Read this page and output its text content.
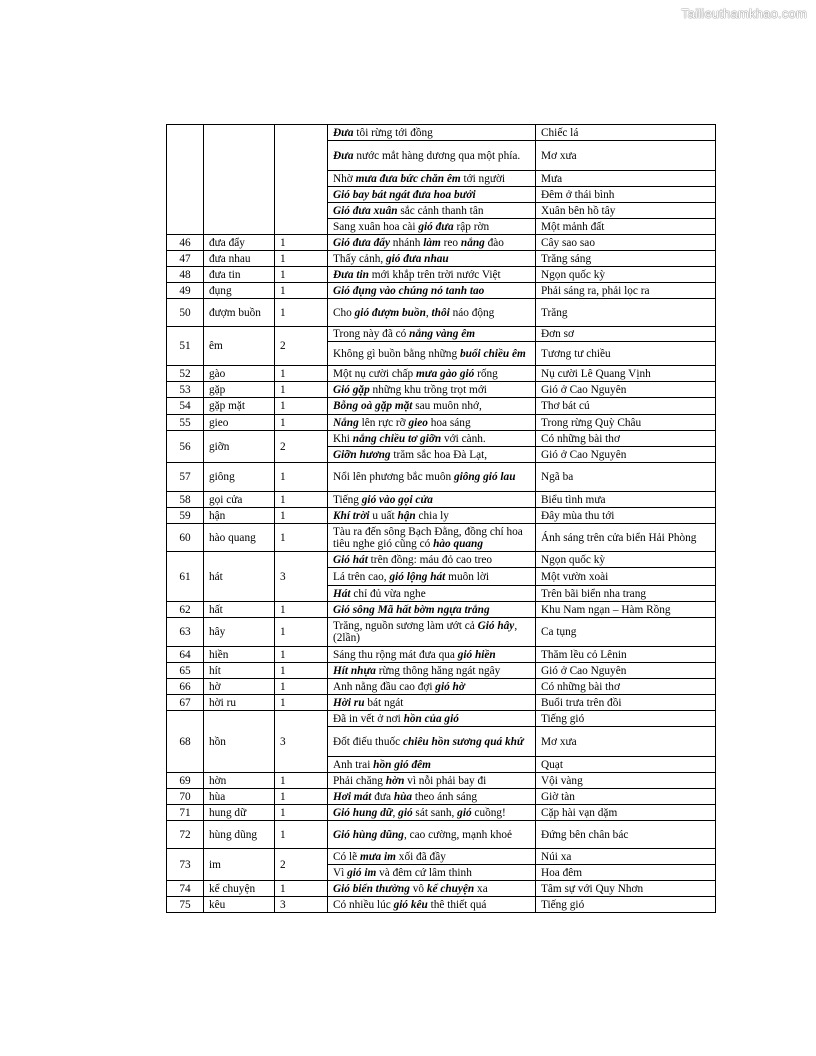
Tailieuthamkhao.com
			Đưa tôi rừng tới đồng	Chiếc lá
			Đưa nước mắt hàng dương qua một phía.	Mơ xưa
			Nhờ mưa đưa bức chăn êm tới người	Mưa
			Gió bay bát ngát đưa hoa bưởi	Đêm ở thái bình
			Gió đưa xuân sắc cảnh thanh tân	Xuân bên hồ tây
			Sang xuân hoa cài gió đưa rập rờn	Một mảnh đất
46	đưa đẩy	1	Gió đưa đẩy nhánh làm reo nắng đào	Cây sao sao
47	đưa nhau	1	Thấy cảnh, gió đưa nhau	Trăng sáng
48	đưa tin	1	Đưa tin mới khắp trên trời nước Việt	Ngọn quốc kỳ
49	đụng	1	Gió đụng vào chúng nó tanh tao	Phải sáng ra, phải lọc ra
50	đượm buồn	1	Cho gió đượm buồn, thôi náo động	Trăng
51	êm	2	Trong này đã có nắng vàng êm	Đơn sơ
			Không gì buồn bằng những buổi chiều êm	Tương tư chiều
52	gào	1	Một nụ cười chấp mưa gào gió rống	Nụ cười Lê Quang Vịnh
53	gặp	1	Gió gặp những khu trồng trọt mới	Gió ở Cao Nguyên
54	gặp mặt	1	Bỗng oà gặp mặt sau muôn nhớ,	Thơ bát cú
55	gieo	1	Nắng lên rực rỡ gieo hoa sáng	Trong rừng Quỳ Châu
56	giỡn	2	Khi nắng chiều tơ giỡn với cành.	Có những bài thơ
			Giỡn hương trăm sắc hoa Đà Lạt,	Gió ở Cao Nguyên
57	giông	1	Nổi lên phương bắc muôn giông gió lau	Ngã ba
58	gọi cửa	1	Tiếng gió vào gọi cửa	Biểu tình mưa
59	hận	1	Khí trời u uất hận chia ly	Đây mùa thu tới
60	hào quang	1	Tàu ra đến sông Bạch Đằng, đồng chí hoa tiêu nghe gió cũng có hào quang	Ánh sáng trên cửa biển Hải Phòng
61	hát	3	Gió hát trên đồng: máu đỏ cao treo	Ngọn quốc kỳ
			Lá trên cao, gió lộng hát muôn lời	Một vườn xoài
			Hát chỉ đủ vừa nghe	Trên bãi biển nha trang
62	hất	1	Gió sông Mã hất bờm ngựa trắng	Khu Nam ngạn – Hàm Rồng
63	hây	1	Trăng, nguồn sương làm ướt cả Gió hây, (2lần)	Ca tụng
64	hiền	1	Sáng thu rộng mát đưa qua gió hiền	Thăm lều cỏ Lênin
65	hít	1	Hít nhựa rừng thông hăng ngát ngây	Gió ở Cao Nguyên
66	hờ	1	Anh nằng đầu cao đợi gió hờ	Có những bài thơ
67	hời ru	1	Hời ru bát ngát	Buổi trưa trên đồi
68	hồn	3	Đã in vết ở nơi hồn của gió	Tiếng gió
			Đốt điếu thuốc chiêu hồn sương quá khứ	Mơ xưa
			Anh trai hồn gió đêm	Quạt
69	hờn	1	Phải chăng hờn vì nỗi phải bay đi	Vội vàng
70	hùa	1	Hơi mát đưa hùa theo ánh sáng	Giờ tàn
71	hung dữ	1	Gió hung dữ, gió sát sanh, gió cuồng!	Cặp hài vạn dặm
72	hùng dũng	1	Gió hùng dũng, cao cường, mạnh khoẻ	Đứng bên chân bác
73	im	2	Có lẽ mưa im xối đã đầy	Núi xa
			Vì gió im và đêm cứ lâm thinh	Hoa đêm
74	kể chuyện	1	Gió biển thường vô kể chuyện xa	Tâm sự với Quy Nhơn
75	kêu	3	Có nhiều lúc gió kêu thê thiết quá	Tiếng gió
